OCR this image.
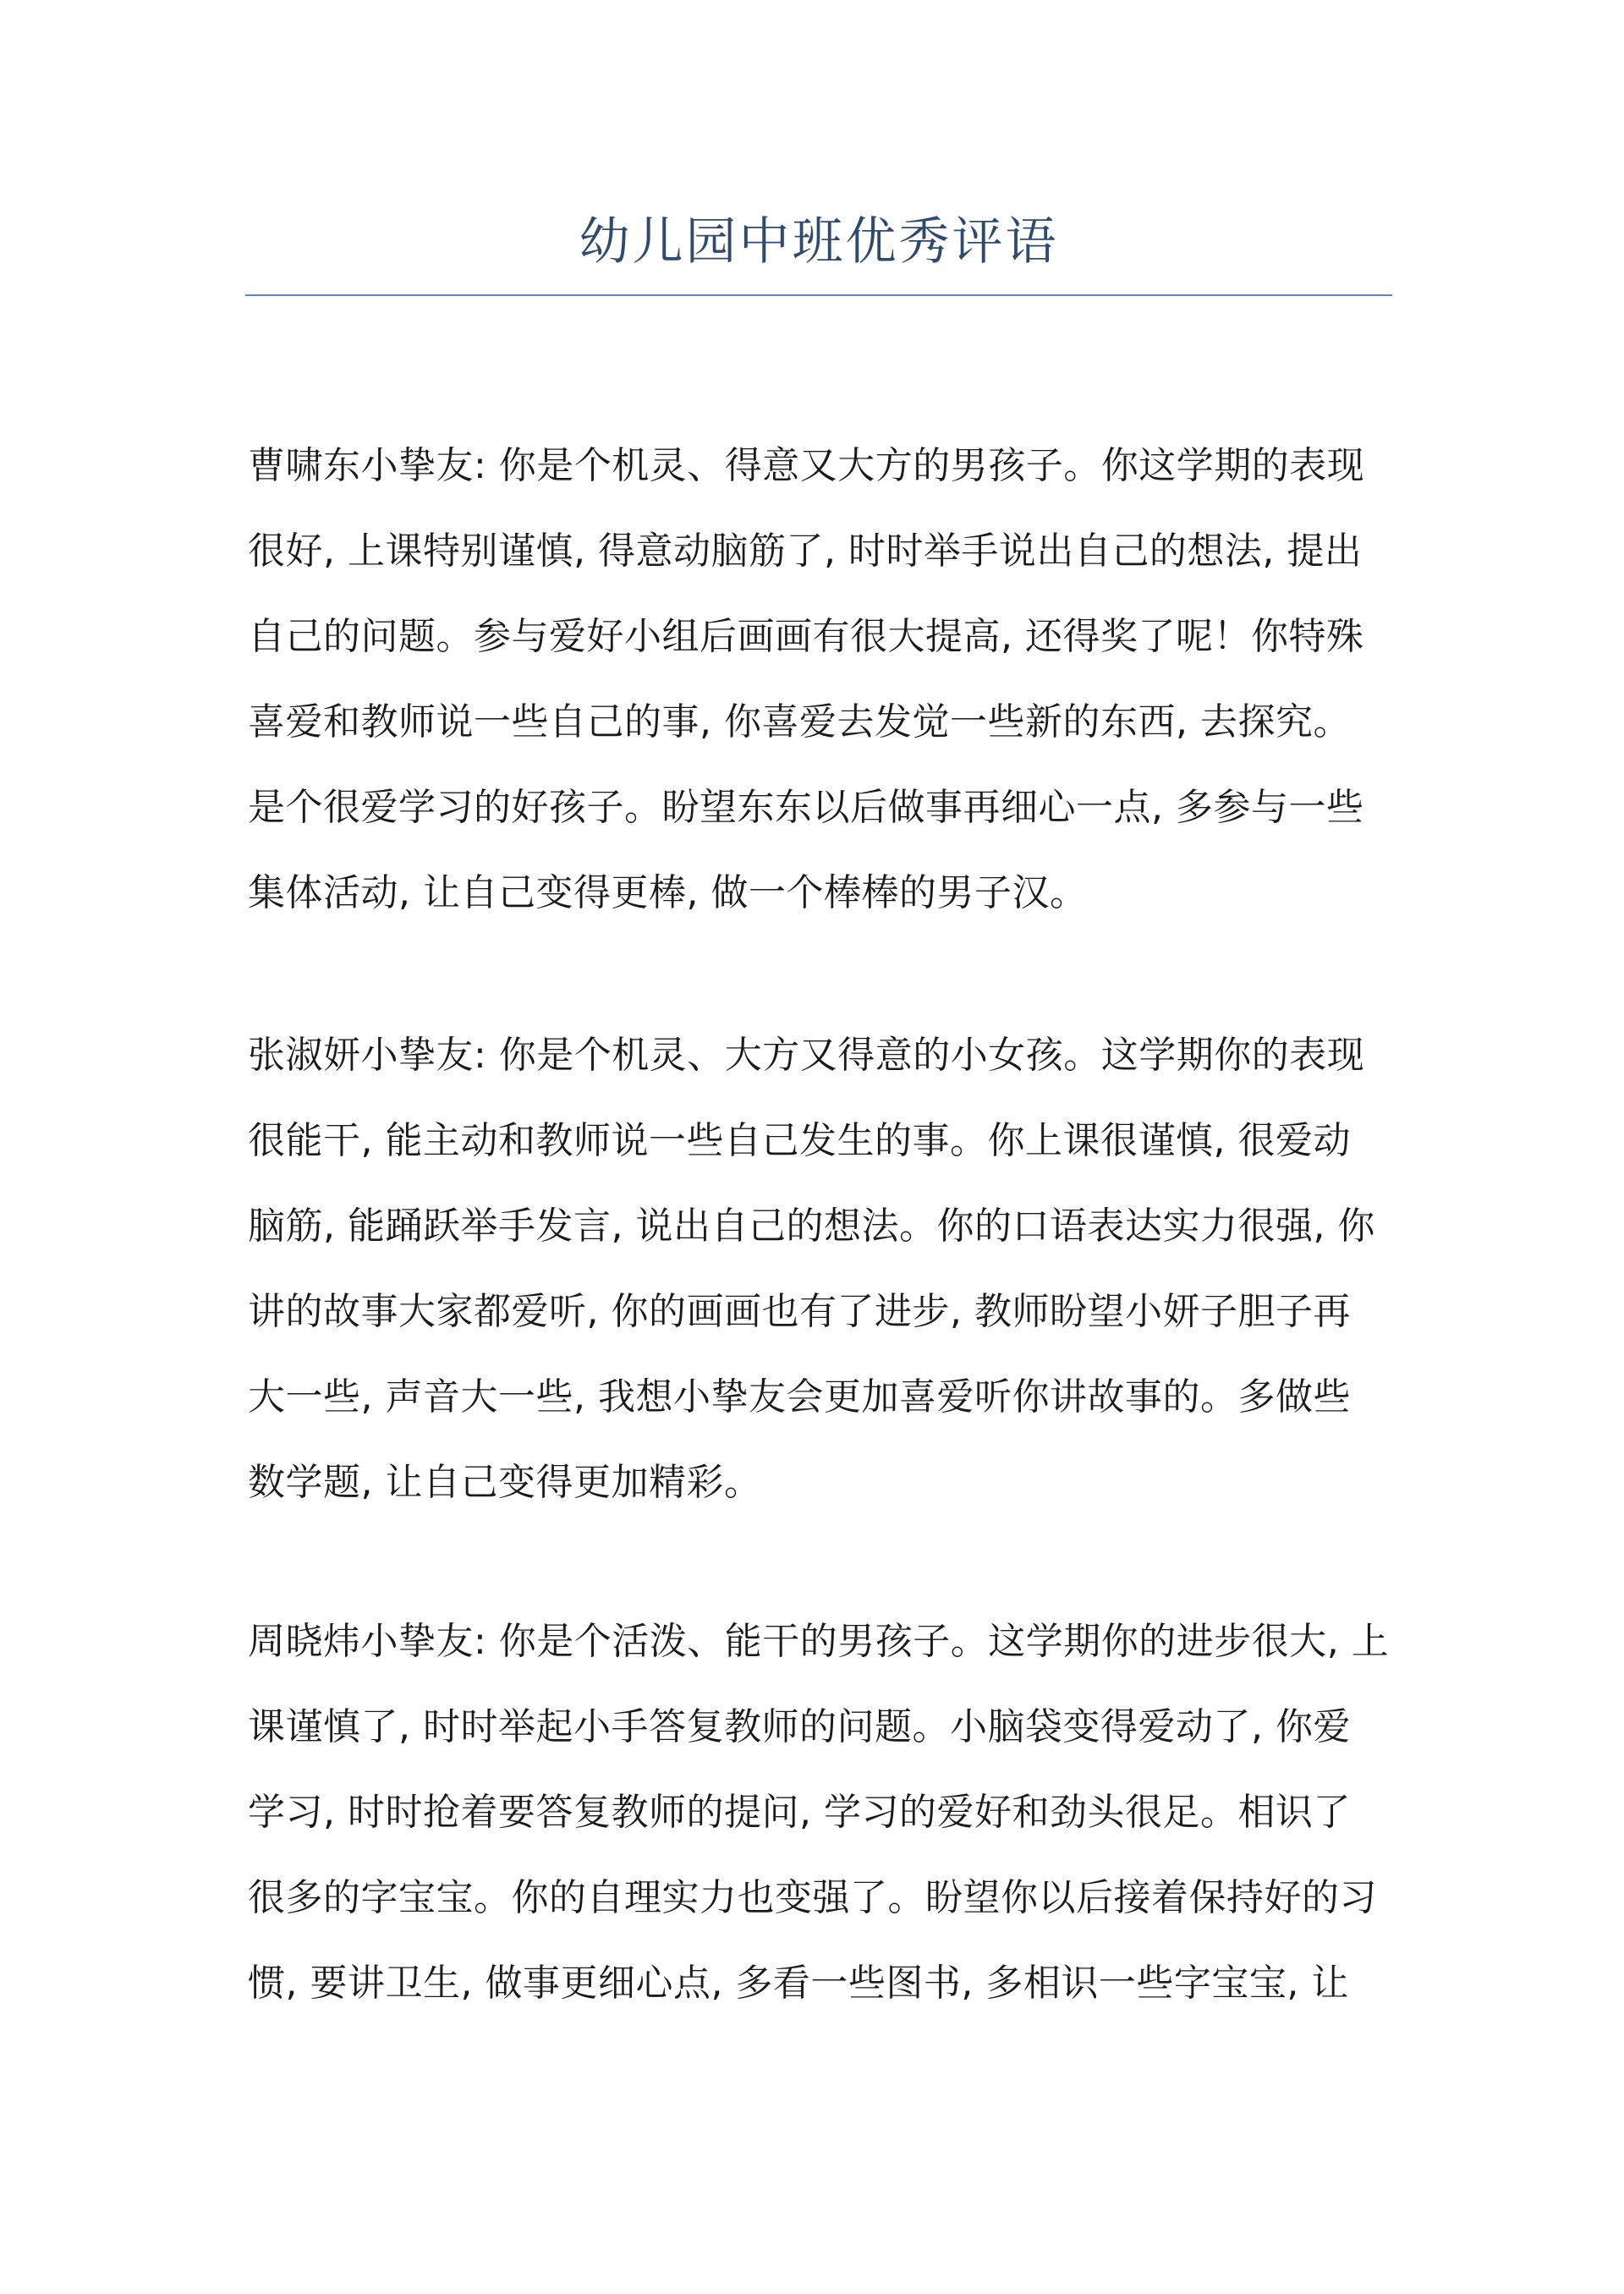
幼儿园中班优秀评语

曹啸东小挚友: 你是个机灵、得意又大方的男孩子。你这学期的表现
很好, 上课特别谨慎, 得意动脑筋了, 时时举手说出自己的想法, 提出
自己的问题。参与爱好小组后画画有很大提高, 还得奖了呢！你特殊
喜爱和教师说一些自己的事, 你喜爱去发觉一些新的东西, 去探究。
是个很爱学习的好孩子。盼望东东以后做事再细心一点, 多参与一些
集体活动, 让自己变得更棒, 做一个棒棒的男子汉。

张淑妍小挚友: 你是个机灵、大方又得意的小女孩。这学期你的表现
很能干, 能主动和教师说一些自己发生的事。你上课很谨慎, 很爱动
脑筋, 能踊跃举手发言, 说出自己的想法。你的口语表达实力很强, 你
讲的故事大家都爱听, 你的画画也有了进步, 教师盼望小妍子胆子再
大一些, 声音大一些, 我想小挚友会更加喜爱听你讲故事的。多做些
数学题, 让自己变得更加精彩。

周晓炜小挚友: 你是个活泼、能干的男孩子。这学期你的进步很大, 上
课谨慎了, 时时举起小手答复教师的问题。小脑袋变得爱动了, 你爱
学习, 时时抢着要答复教师的提问, 学习的爱好和劲头很足。相识了
很多的字宝宝。你的自理实力也变强了。盼望你以后接着保持好的习
惯, 要讲卫生, 做事更细心点, 多看一些图书, 多相识一些字宝宝, 让
